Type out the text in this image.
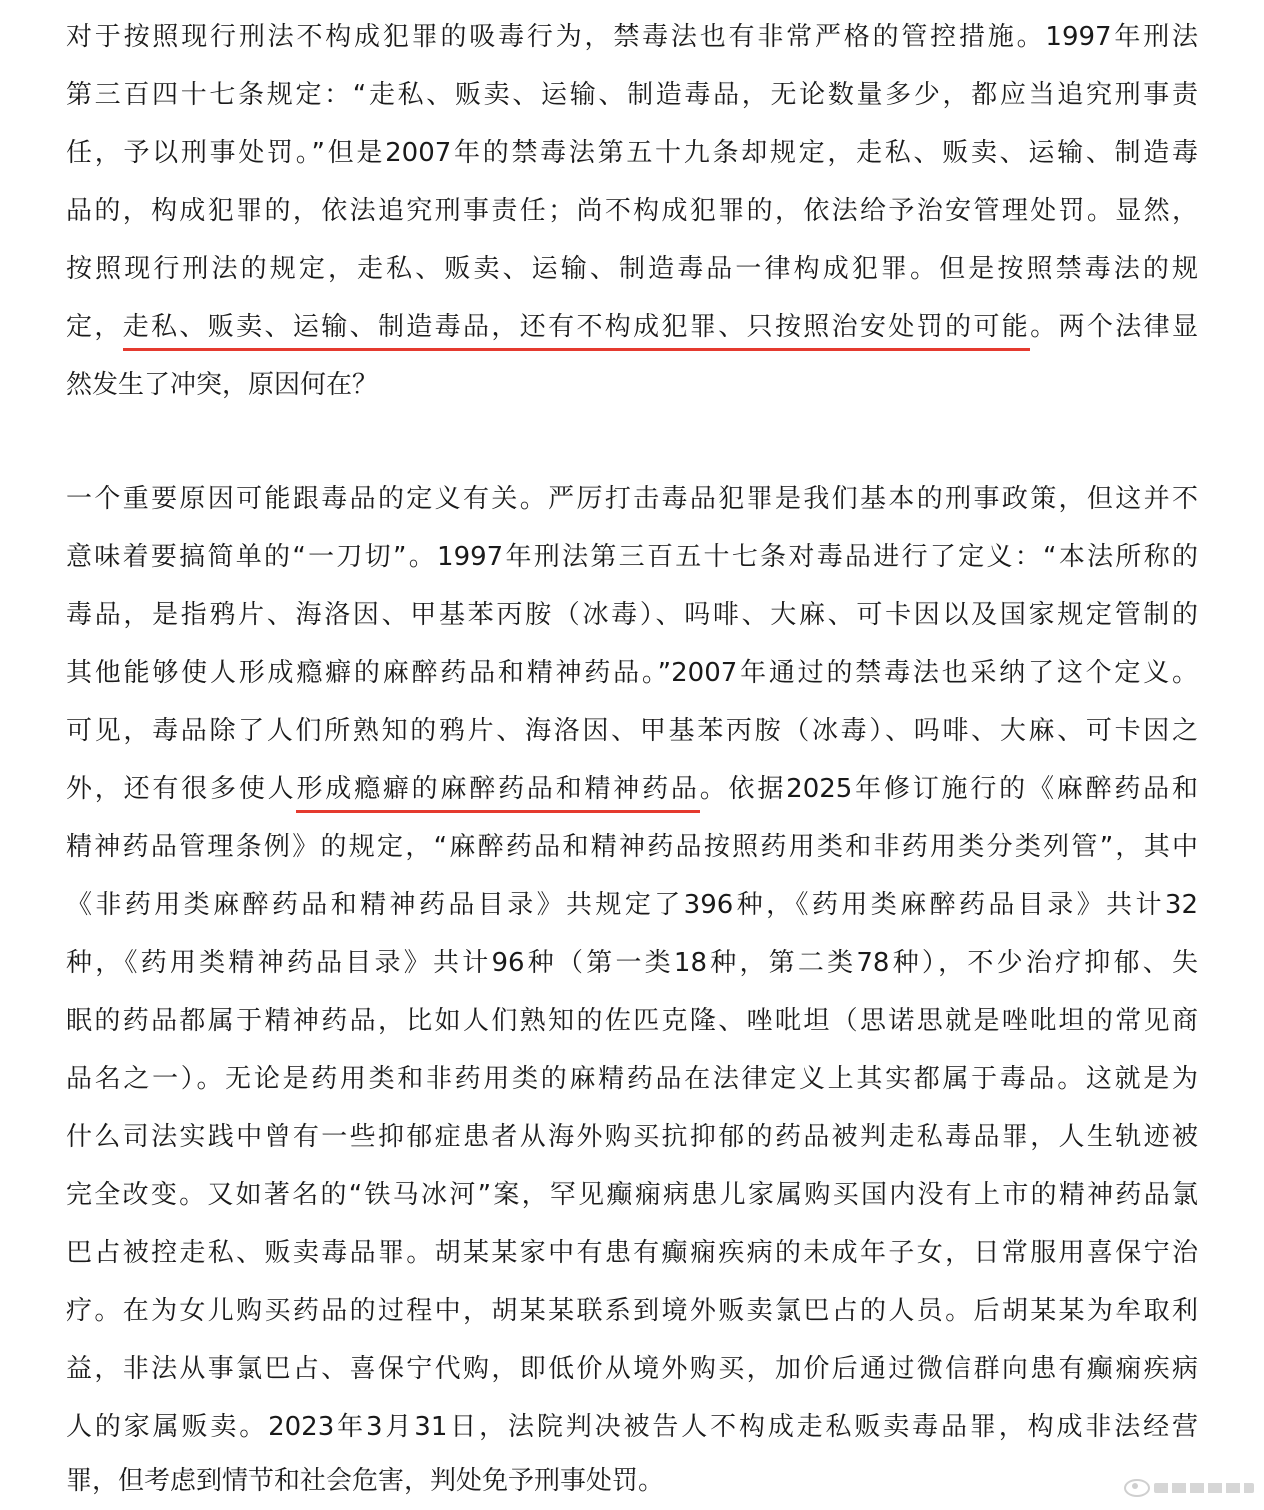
对于按照现行刑法不构成犯罪的吸毒行为，禁毒法也有非常严格的管控措施。1997年刑法
第三百四十七条规定：“走私、贩卖、运输、制造毒品，无论数量多少，都应当追究刑事责
任，予以刑事处罚。”但是2007年的禁毒法第五十九条却规定，走私、贩卖、运输、制造毒
品的，构成犯罪的，依法追究刑事责任；尚不构成犯罪的，依法给予治安管理处罚。显然，
按照现行刑法的规定，走私、贩卖、运输、制造毒品一律构成犯罪。但是按照禁毒法的规
定，走私、贩卖、运输、制造毒品，还有不构成犯罪、只按照治安处罚的可能。两个法律显
然发生了冲突，原因何在？
一个重要原因可能跟毒品的定义有关。严厉打击毒品犯罪是我们基本的刑事政策，但这并不
意味着要搞简单的“一刀切”。1997年刑法第三百五十七条对毒品进行了定义：“本法所称的
毒品，是指鸦片、海洛因、甲基苯丙胺（冰毒）、吗啡、大麻、可卡因以及国家规定管制的
其他能够使人形成瘾癖的麻醉药品和精神药品。”2007年通过的禁毒法也采纳了这个定义。
可见，毒品除了人们所熟知的鸦片、海洛因、甲基苯丙胺（冰毒）、吗啡、大麻、可卡因之
外，还有很多使人形成瘾癖的麻醉药品和精神药品。依据2025年修订施行的《麻醉药品和
精神药品管理条例》的规定，“麻醉药品和精神药品按照药用类和非药用类分类列管”，其中
《非药用类麻醉药品和精神药品目录》共规定了396种，《药用类麻醉药品目录》共计32
种，《药用类精神药品目录》共计96种（第一类18种，第二类78种），不少治疗抑郁、失
眠的药品都属于精神药品，比如人们熟知的佐匹克隆、唑吡坦（思诺思就是唑吡坦的常见商
品名之一）。无论是药用类和非药用类的麻精药品在法律定义上其实都属于毒品。这就是为
什么司法实践中曾有一些抑郁症患者从海外购买抗抑郁的药品被判走私毒品罪，人生轨迹被
完全改变。又如著名的“铁马冰河”案，罕见癫痫病患儿家属购买国内没有上市的精神药品氯
巴占被控走私、贩卖毒品罪。胡某某家中有患有癫痫疾病的未成年子女，日常服用喜保宁治
疗。在为女儿购买药品的过程中，胡某某联系到境外贩卖氯巴占的人员。后胡某某为牟取利
益，非法从事氯巴占、喜保宁代购，即低价从境外购买，加价后通过微信群向患有癫痫疾病
人的家属贩卖。2023年3月31日，法院判决被告人不构成走私贩卖毒品罪，构成非法经营
罪，但考虑到情节和社会危害，判处免予刑事处罚。
